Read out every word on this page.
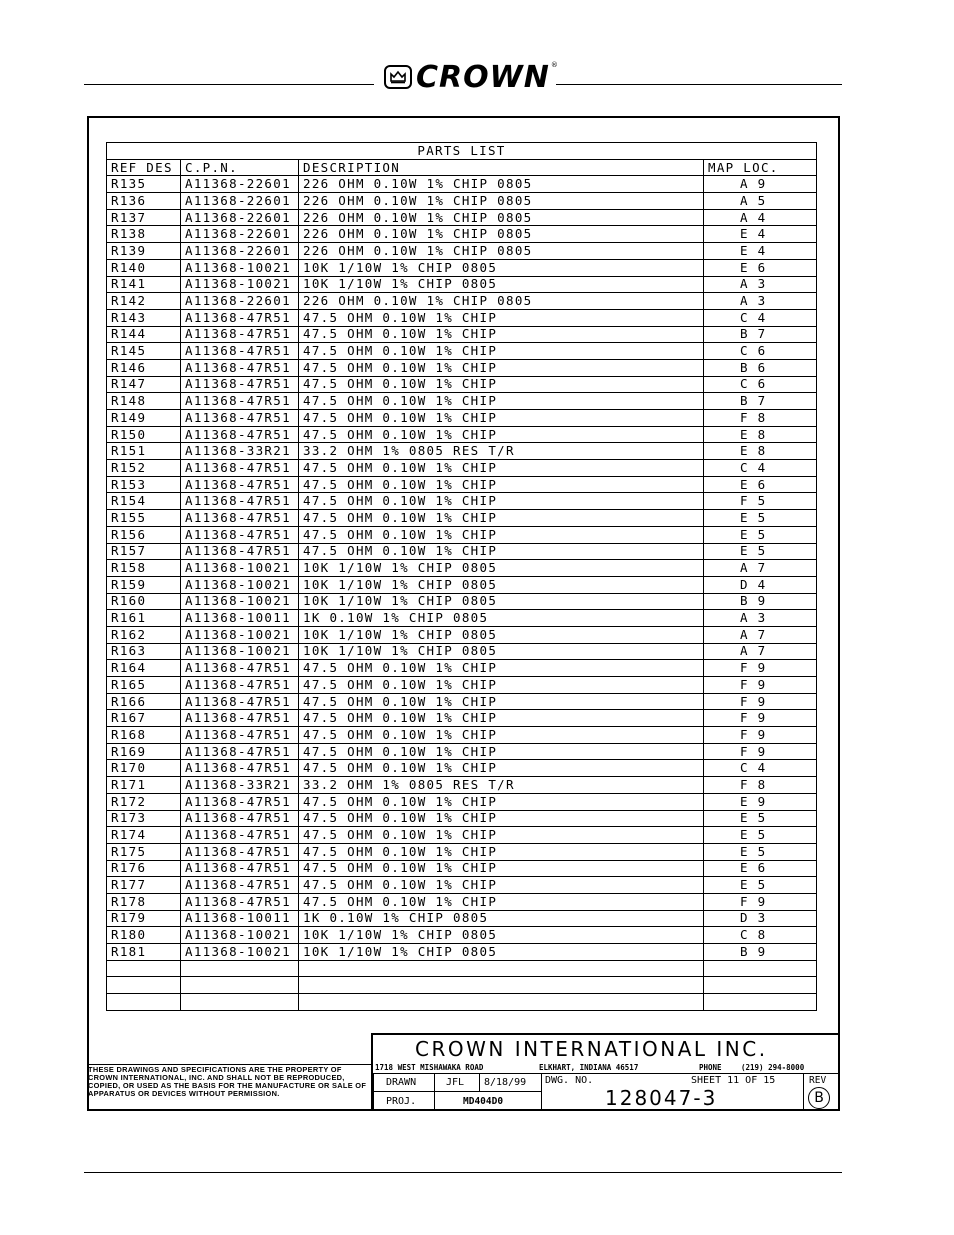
CROWN ®
PARTS LIST			
REF DES	C.P.N.	DESCRIPTION	MAP LOC.
R135	A11368-22601	226 OHM 0.10W 1% CHIP 0805	A 9
R136	A11368-22601	226 OHM 0.10W 1% CHIP 0805	A 5
R137	A11368-22601	226 OHM 0.10W 1% CHIP 0805	A 4
R138	A11368-22601	226 OHM 0.10W 1% CHIP 0805	E 4
R139	A11368-22601	226 OHM 0.10W 1% CHIP 0805	E 4
R140	A11368-10021	10K 1/10W 1% CHIP 0805	E 6
R141	A11368-10021	10K 1/10W 1% CHIP 0805	A 3
R142	A11368-22601	226 OHM 0.10W 1% CHIP 0805	A 3
R143	A11368-47R51	47.5 OHM 0.10W 1% CHIP	C 4
R144	A11368-47R51	47.5 OHM 0.10W 1% CHIP	B 7
R145	A11368-47R51	47.5 OHM 0.10W 1% CHIP	C 6
R146	A11368-47R51	47.5 OHM 0.10W 1% CHIP	B 6
R147	A11368-47R51	47.5 OHM 0.10W 1% CHIP	C 6
R148	A11368-47R51	47.5 OHM 0.10W 1% CHIP	B 7
R149	A11368-47R51	47.5 OHM 0.10W 1% CHIP	F 8
R150	A11368-47R51	47.5 OHM 0.10W 1% CHIP	E 8
R151	A11368-33R21	33.2 OHM 1% 0805 RES T/R	E 8
R152	A11368-47R51	47.5 OHM 0.10W 1% CHIP	C 4
R153	A11368-47R51	47.5 OHM 0.10W 1% CHIP	E 6
R154	A11368-47R51	47.5 OHM 0.10W 1% CHIP	F 5
R155	A11368-47R51	47.5 OHM 0.10W 1% CHIP	E 5
R156	A11368-47R51	47.5 OHM 0.10W 1% CHIP	E 5
R157	A11368-47R51	47.5 OHM 0.10W 1% CHIP	E 5
R158	A11368-10021	10K 1/10W 1% CHIP 0805	A 7
R159	A11368-10021	10K 1/10W 1% CHIP 0805	D 4
R160	A11368-10021	10K 1/10W 1% CHIP 0805	B 9
R161	A11368-10011	1K 0.10W 1% CHIP 0805	A 3
R162	A11368-10021	10K 1/10W 1% CHIP 0805	A 7
R163	A11368-10021	10K 1/10W 1% CHIP 0805	A 7
R164	A11368-47R51	47.5 OHM 0.10W 1% CHIP	F 9
R165	A11368-47R51	47.5 OHM 0.10W 1% CHIP	F 9
R166	A11368-47R51	47.5 OHM 0.10W 1% CHIP	F 9
R167	A11368-47R51	47.5 OHM 0.10W 1% CHIP	F 9
R168	A11368-47R51	47.5 OHM 0.10W 1% CHIP	F 9
R169	A11368-47R51	47.5 OHM 0.10W 1% CHIP	F 9
R170	A11368-47R51	47.5 OHM 0.10W 1% CHIP	C 4
R171	A11368-33R21	33.2 OHM 1% 0805 RES T/R	F 8
R172	A11368-47R51	47.5 OHM 0.10W 1% CHIP	E 9
R173	A11368-47R51	47.5 OHM 0.10W 1% CHIP	E 5
R174	A11368-47R51	47.5 OHM 0.10W 1% CHIP	E 5
R175	A11368-47R51	47.5 OHM 0.10W 1% CHIP	E 5
R176	A11368-47R51	47.5 OHM 0.10W 1% CHIP	E 6
R177	A11368-47R51	47.5 OHM 0.10W 1% CHIP	E 5
R178	A11368-47R51	47.5 OHM 0.10W 1% CHIP	F 9
R179	A11368-10011	1K 0.10W 1% CHIP 0805	D 3
R180	A11368-10021	10K 1/10W 1% CHIP 0805	C 8
R181	A11368-10021	10K 1/10W 1% CHIP 0805	B 9

THESE DRAWINGS AND SPECIFICATIONS ARE THE PROPERTY OF CROWN INTERNATIONAL, INC. AND SHALL NOT BE REPRODUCED, COPIED, OR USED AS THE BASIS FOR THE MANUFACTURE OR SALE OF APPARATUS OR DEVICES WITHOUT PERMISSION.
CROWN INTERNATIONAL INC.
1718 WEST MISHAWAKA ROAD	ELKHART, INDIANA 46517	PHONE	(219) 294-8000
DRAWN	JFL	8/18/99
PROJ.	MD404D0
DWG. NO.	SHEET 11 OF 15
128047-3
REV
B
